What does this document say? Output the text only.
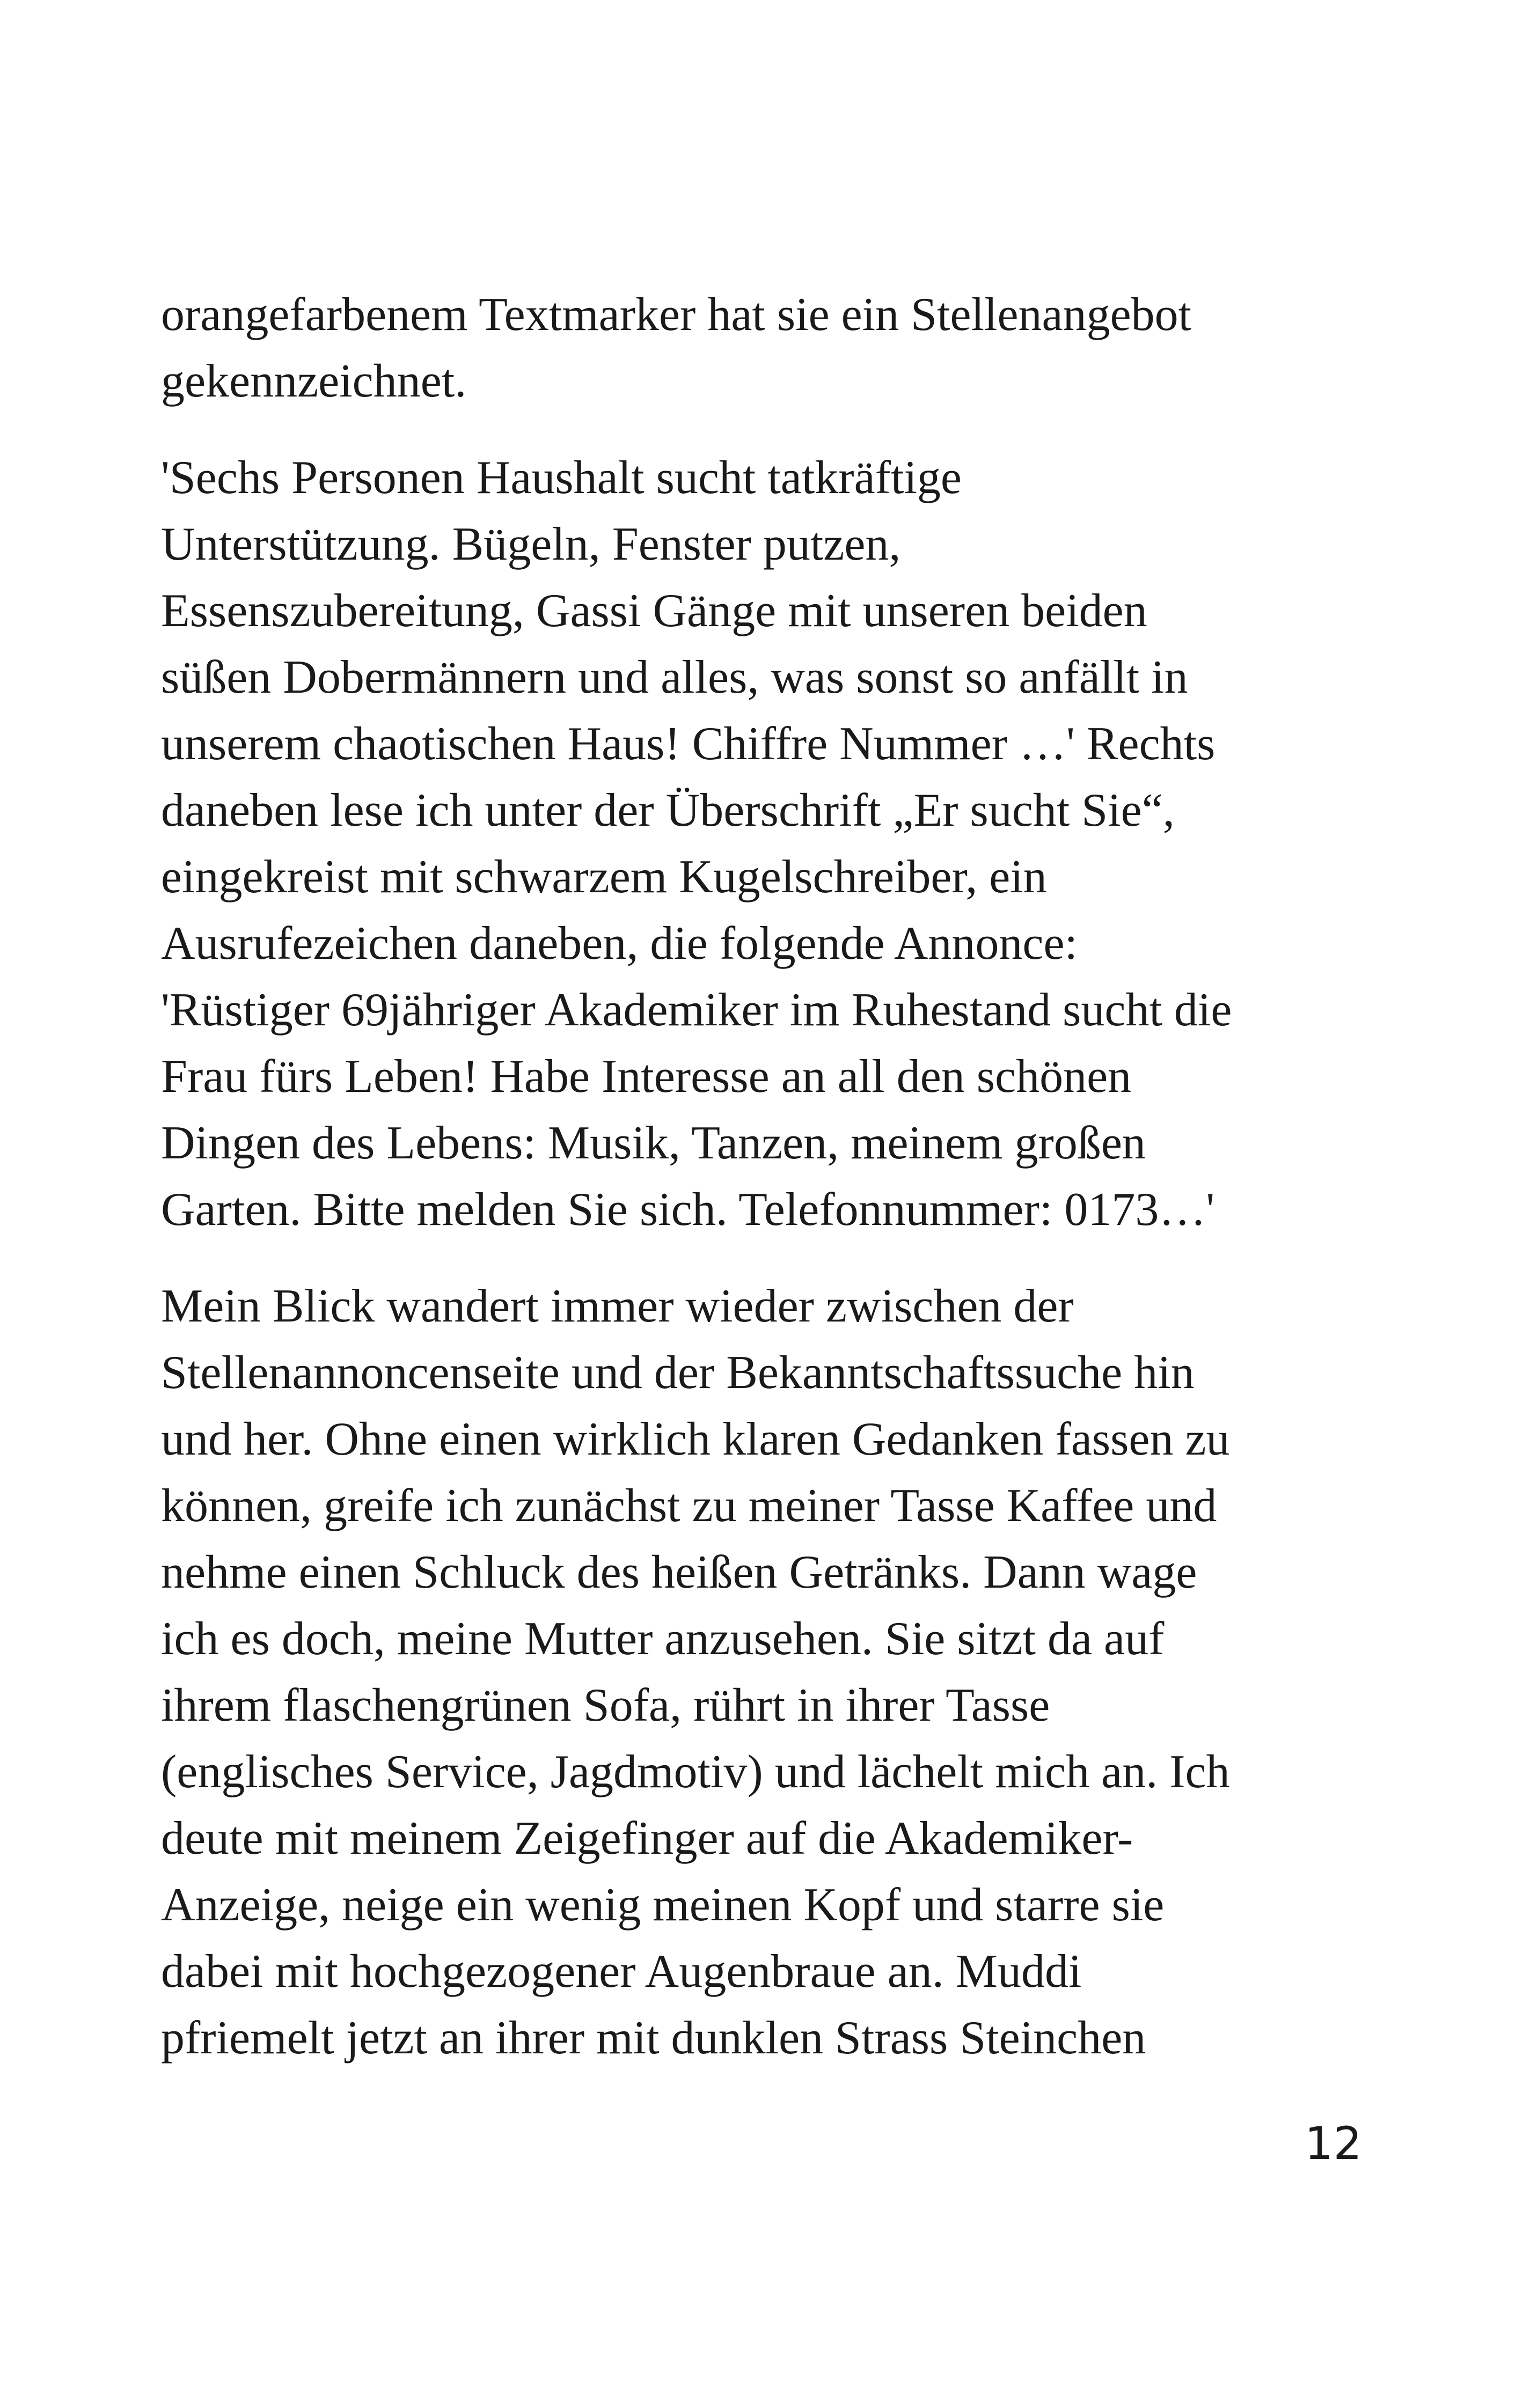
orangefarbenem Textmarker hat sie ein Stellenangebot
gekennzeichnet.

'Sechs Personen Haushalt sucht tatkräftige
Unterstützung. Bügeln, Fenster putzen,
Essenszubereitung, Gassi Gänge mit unseren beiden
süßen Dobermännern und alles, was sonst so anfällt in
unserem chaotischen Haus! Chiffre Nummer …' Rechts
daneben lese ich unter der Überschrift „Er sucht Sie“,
eingekreist mit schwarzem Kugelschreiber, ein
Ausrufezeichen daneben, die folgende Annonce:
'Rüstiger 69jähriger Akademiker im Ruhestand sucht die
Frau fürs Leben! Habe Interesse an all den schönen
Dingen des Lebens: Musik, Tanzen, meinem großen
Garten. Bitte melden Sie sich. Telefonnummer: 0173…'

Mein Blick wandert immer wieder zwischen der
Stellenannoncenseite und der Bekanntschaftssuche hin
und her. Ohne einen wirklich klaren Gedanken fassen zu
können, greife ich zunächst zu meiner Tasse Kaffee und
nehme einen Schluck des heißen Getränks. Dann wage
ich es doch, meine Mutter anzusehen. Sie sitzt da auf
ihrem flaschengrünen Sofa, rührt in ihrer Tasse
(englisches Service, Jagdmotiv) und lächelt mich an. Ich
deute mit meinem Zeigefinger auf die Akademiker-
Anzeige, neige ein wenig meinen Kopf und starre sie
dabei mit hochgezogener Augenbraue an. Muddi
pfriemelt jetzt an ihrer mit dunklen Strass Steinchen

12
